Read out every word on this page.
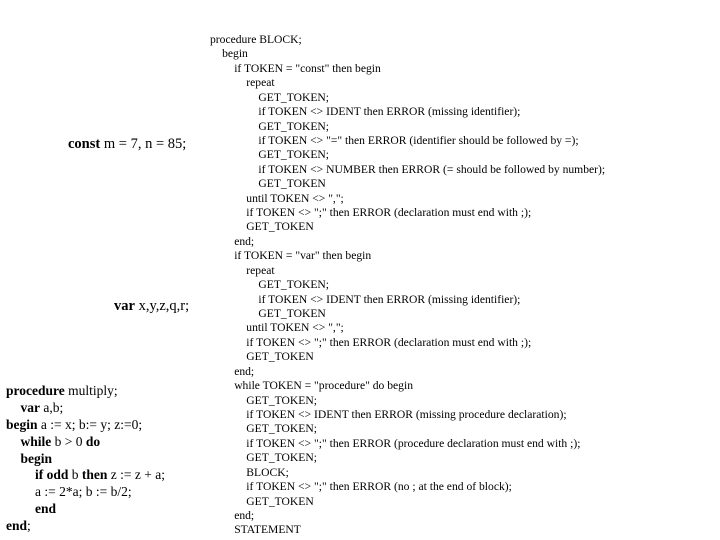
const m = 7, n = 85;
var x,y,z,q,r;
procedure multiply;
var a,b;
begin a := x; b:= y; z:=0;
while b > 0 do
begin
if odd b then z := z + a;
a := 2*a; b := b/2;
end
end;
procedure BLOCK;
begin
if TOKEN = "const" then begin
repeat
GET_TOKEN;
if TOKEN <> IDENT then ERROR (missing identifier);
GET_TOKEN;
if TOKEN <> "=" then ERROR (identifier should be followed by =);
GET_TOKEN;
if TOKEN <> NUMBER then ERROR (= should be followed by number);
GET_TOKEN
until TOKEN <> ",";
if TOKEN <> ";" then ERROR (declaration must end with ;);
GET_TOKEN
end;
if TOKEN = "var" then begin
repeat
GET_TOKEN;
if TOKEN <> IDENT then ERROR (missing identifier);
GET_TOKEN
until TOKEN <> ",";
if TOKEN <> ";" then ERROR (declaration must end with ;);
GET_TOKEN
end;
while TOKEN = "procedure" do begin
GET_TOKEN;
if TOKEN <> IDENT then ERROR (missing procedure declaration);
GET_TOKEN;
if TOKEN <> ";" then ERROR (procedure declaration must end with ;);
GET_TOKEN;
BLOCK;
if TOKEN <> ";" then ERROR (no ; at the end of block);
GET_TOKEN
end;
STATEMENT
